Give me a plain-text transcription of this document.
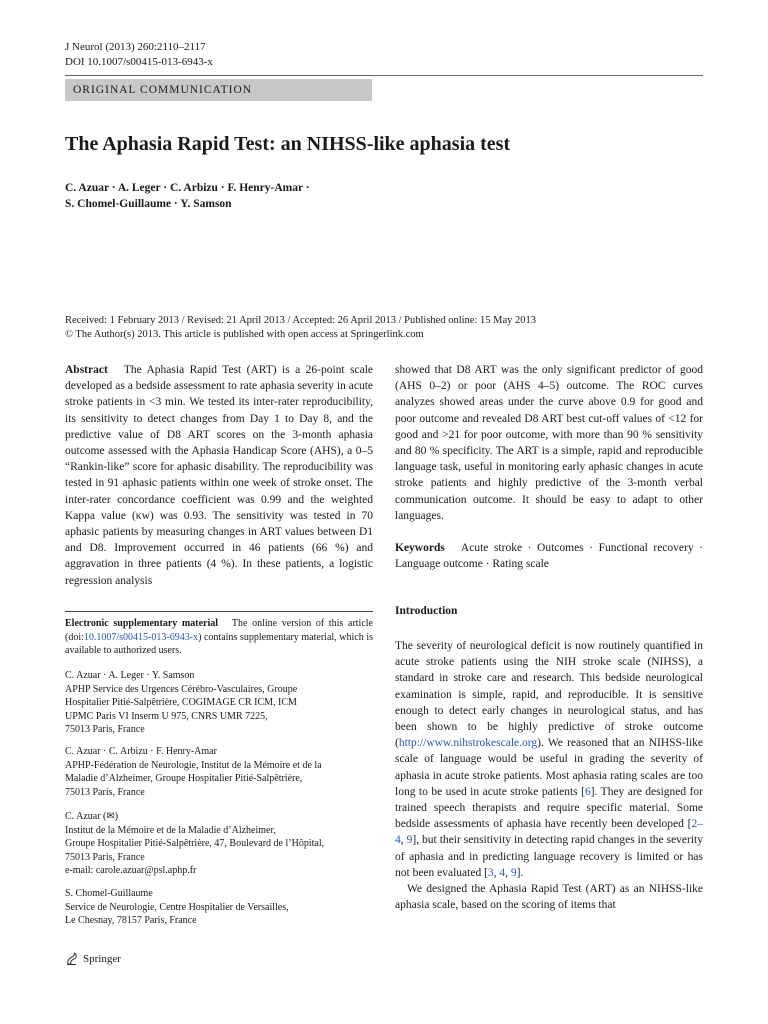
J Neurol (2013) 260:2110–2117
DOI 10.1007/s00415-013-6943-x
ORIGINAL COMMUNICATION
The Aphasia Rapid Test: an NIHSS-like aphasia test
C. Azuar · A. Leger · C. Arbizu · F. Henry-Amar ·
S. Chomel-Guillaume · Y. Samson
Received: 1 February 2013 / Revised: 21 April 2013 / Accepted: 26 April 2013 / Published online: 15 May 2013
© The Author(s) 2013. This article is published with open access at Springerlink.com

Abstract The Aphasia Rapid Test (ART) is a 26-point scale developed as a bedside assessment to rate aphasia severity in acute stroke patients in <3 min. We tested its inter-rater reproducibility, its sensitivity to detect changes from Day 1 to Day 8, and the predictive value of D8 ART scores on the 3-month aphasia outcome assessed with the Aphasia Handicap Score (AHS), a 0–5 “Rankin-like” score for aphasic disability. The reproducibility was tested in 91 aphasic patients within one week of stroke onset. The inter-rater concordance coefficient was 0.99 and the weighted Kappa value (κw) was 0.93. The sensitivity was tested in 70 aphasic patients by measuring changes in ART values between D1 and D8. Improvement occurred in 46 patients (66 %) and aggravation in three patients (4 %). In these patients, a logistic regression analysis

showed that D8 ART was the only significant predictor of good (AHS 0–2) or poor (AHS 4–5) outcome. The ROC curves analyzes showed areas under the curve above 0.9 for good and poor outcome and revealed D8 ART best cut-off values of <12 for good and >21 for poor outcome, with more than 90 % sensitivity and 80 % specificity. The ART is a simple, rapid and reproducible language task, useful in monitoring early aphasic changes in acute stroke patients and highly predictive of the 3-month verbal communication outcome. It should be easy to adapt to other languages.

Keywords Acute stroke · Outcomes · Functional recovery · Language outcome · Rating scale

Introduction

The severity of neurological deficit is now routinely quantified in acute stroke patients using the NIH stroke scale (NIHSS), a standard in stroke care and research. This bedside neurological examination is simple, rapid, and reproducible. It is sensitive enough to detect early changes in neurological status, and has been shown to be highly predictive of stroke outcome (http://www.nihstrokescale.org). We reasoned that an NIHSS-like scale of language would be useful in grading the severity of aphasia in acute stroke patients. Most aphasia rating scales are too long to be used in acute stroke patients [6]. They are designed for trained speech therapists and require specific material. Some bedside assessments of aphasia have recently been developed [2–4, 9], but their sensitivity in detecting rapid changes in the severity of aphasia and in predicting language recovery is limited or has not been evaluated [3, 4, 9].

We designed the Aphasia Rapid Test (ART) as an NIHSS-like aphasia scale, based on the scoring of items that

Electronic supplementary material The online version of this article (doi:10.1007/s00415-013-6943-x) contains supplementary material, which is available to authorized users.
C. Azuar · A. Leger · Y. Samson
APHP Service des Urgences Cérébro-Vasculaires, Groupe
Hospitalier Pitié-Salpêtrière, COGIMAGE CR ICM, ICM
UPMC Paris VI Inserm U 975, CNRS UMR 7225,
75013 Paris, France
C. Azuar · C. Arbizu · F. Henry-Amar
APHP-Fédération de Neurologie, Institut de la Mémoire et de la
Maladie d’Alzheimer, Groupe Hospitalier Pitié-Salpêtrière,
75013 Paris, France
C. Azuar (✉)
Institut de la Mémoire et de la Maladie d’Alzheimer,
Groupe Hospitalier Pitié-Salpêtrière, 47, Boulevard de l’Hôpital,
75013 Paris, France
e-mail: carole.azuar@psl.aphp.fr
S. Chomel-Guillaume
Service de Neurologie, Centre Hospitalier de Versailles,
Le Chesnay, 78157 Paris, France
Springer
